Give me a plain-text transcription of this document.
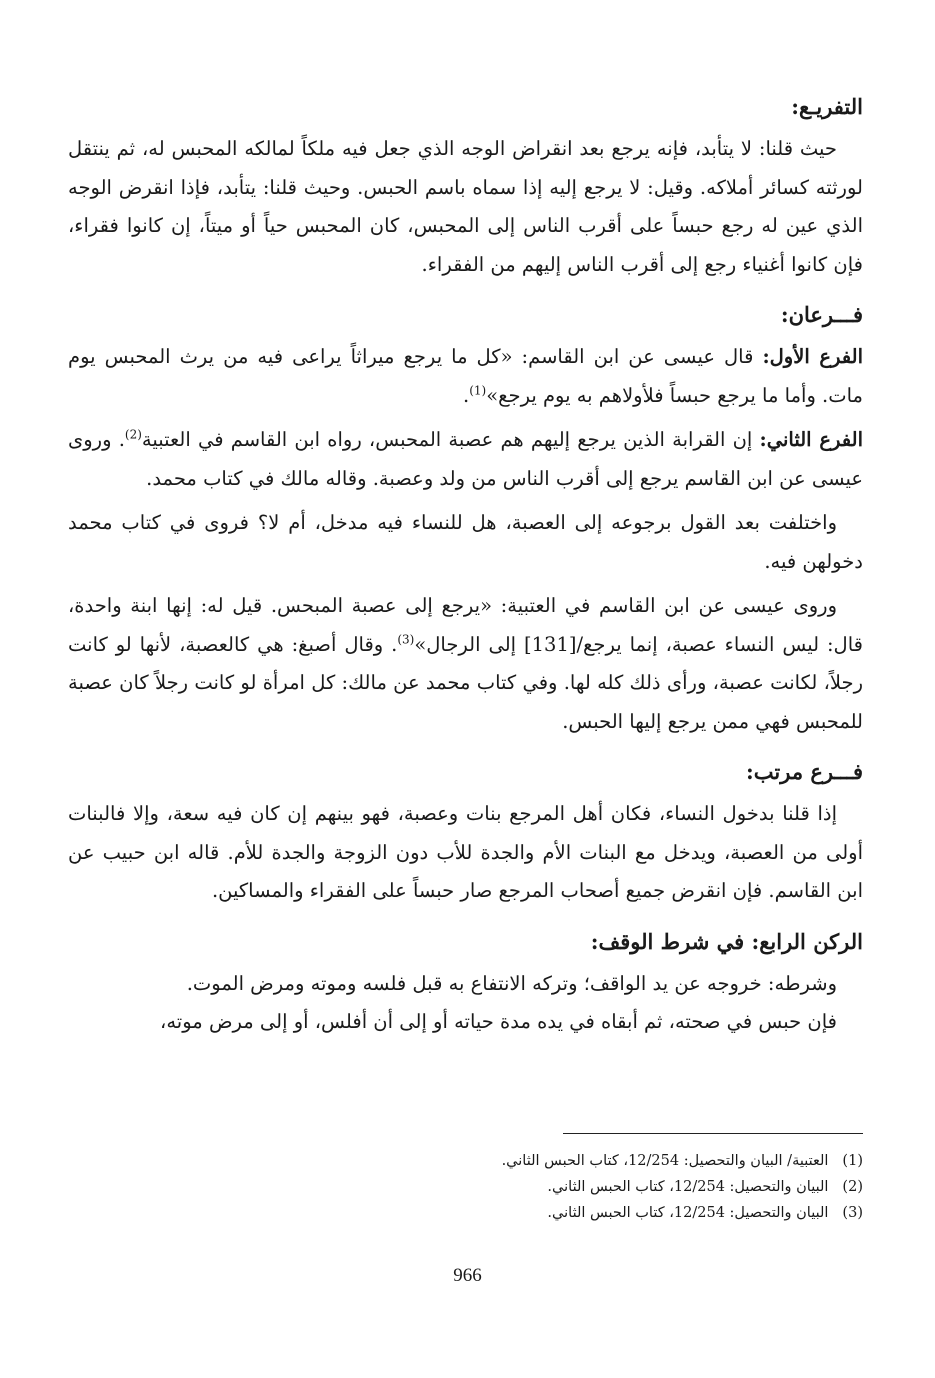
التفريـع:

حيث قلنا: لا يتأبد، فإنه يرجع بعد انقراض الوجه الذي جعل فيه ملكاً لمالكه المحبس له، ثم ينتقل لورثته كسائر أملاكه. وقيل: لا يرجع إليه إذا سماه باسم الحبس. وحيث قلنا: يتأبد، فإذا انقرض الوجه الذي عين له رجع حبساً على أقرب الناس إلى المحبس، كان المحبس حياً أو ميتاً، إن كانوا فقراء، فإن كانوا أغنياء رجع إلى أقرب الناس إليهم من الفقراء.

فـــرعان:

الفرع الأول: قال عيسى عن ابن القاسم: «كل ما يرجع ميراثاً يراعى فيه من يرث المحبس يوم مات. وأما ما يرجع حبساً فلأولاهم به يوم يرجع»$^{(1)}$.

الفرع الثاني: إن القرابة الذين يرجع إليهم هم عصبة المحبس، رواه ابن القاسم في العتبية$^{(2)}$. وروى عيسى عن ابن القاسم يرجع إلى أقرب الناس من ولد وعصبة. وقاله مالك في كتاب محمد.

واختلفت بعد القول برجوعه إلى العصبة، هل للنساء فيه مدخل، أم لا؟ فروى في كتاب محمد دخولهن فيه.

وروى عيسى عن ابن القاسم في العتبية: «يرجع إلى عصبة المبحس. قيل له: إنها ابنة واحدة، قال: ليس النساء عصبة، إنما يرجع/[131] إلى الرجال»$^{(3)}$. وقال أصبغ: هي كالعصبة، لأنها لو كانت رجلاً، لكانت عصبة، ورأى ذلك كله لها. وفي كتاب محمد عن مالك: كل امرأة لو كانت رجلاً كان عصبة للمحبس فهي ممن يرجع إليها الحبس.

فـــرع مرتب:

إذا قلنا بدخول النساء، فكان أهل المرجع بنات وعصبة، فهو بينهم إن كان فيه سعة، وإلا فالبنات أولى من العصبة، ويدخل مع البنات الأم والجدة للأب دون الزوجة والجدة للأم. قاله ابن حبيب عن ابن القاسم. فإن انقرض جميع أصحاب المرجع صار حبساً على الفقراء والمساكين.

الركن الرابع: في شرط الوقف:

وشرطه: خروجه عن يد الواقف؛ وتركه الانتفاع به قبل فلسه وموته ومرض الموت.

فإن حبس في صحته، ثم أبقاه في يده مدة حياته أو إلى أن أفلس، أو إلى مرض موته،

(1)العتبية/ البيان والتحصيل: 12/254، كتاب الحبس الثاني.
(2)البيان والتحصيل: 12/254، كتاب الحبس الثاني.
(3)البيان والتحصيل: 12/254، كتاب الحبس الثاني.
966
